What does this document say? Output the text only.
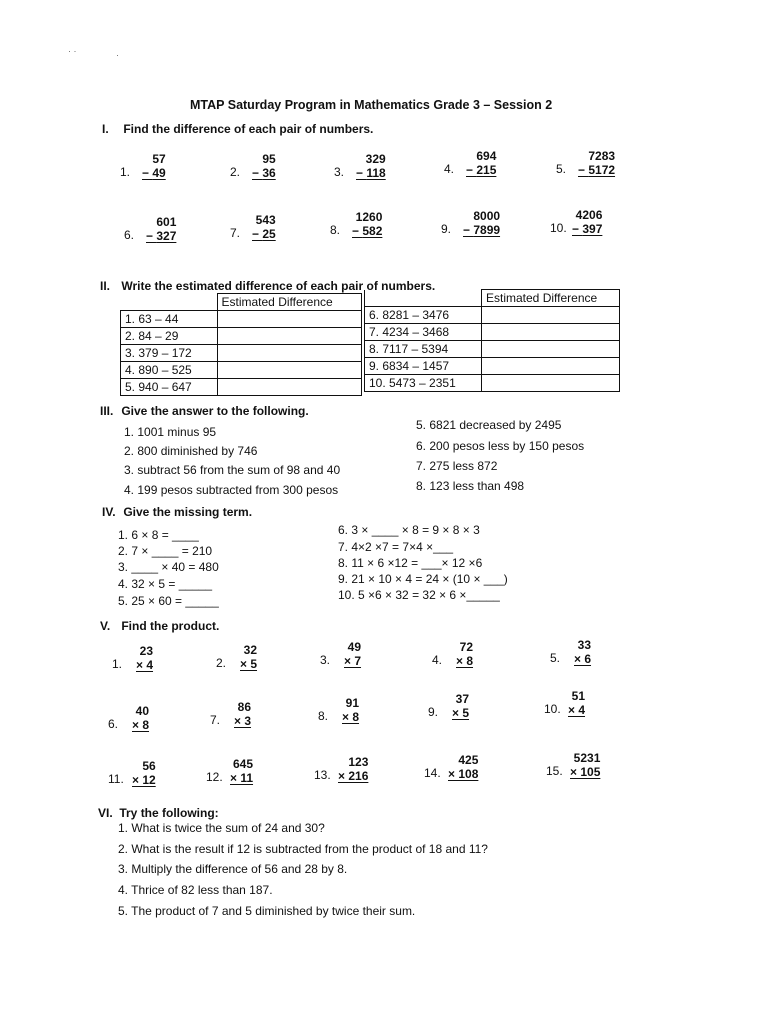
· ·	·
MTAP Saturday Program in Mathematics Grade 3 – Session 2
I. Find the difference of each pair of numbers.
1.
57
− 49	2.
95
− 36	3.
329
− 118	4.
694
− 215	5.
7283
− 5172
6.
601
− 327	7.
543
− 25	8.
1260
− 582	9.
8000
− 7899	10.
4206
− 397
II. Write the estimated difference of each pair of numbers.
	Estimated Difference
1. 63 – 44	
2. 84 – 29	
3. 379 – 172	
4. 890 – 525	
5. 940 – 647	
	Estimated Difference
6. 8281 – 3476	
7. 4234 – 3468	
8. 7117 – 5394	
9. 6834 – 1457	
10. 5473 – 2351	
III. Give the answer to the following.
1. 1001 minus 95
2. 800 diminished by 746
3. subtract 56 from the sum of 98 and 40
4. 199 pesos subtracted from 300 pesos
5. 6821 decreased by 2495
6. 200 pesos less by 150 pesos
7. 275 less 872
8. 123 less than 498
IV. Give the missing term.
1. 6 × 8 = ____
2. 7 × ____ = 210
3. ____ × 40 = 480
4. 32 × 5 = _____
5. 25 × 60 = _____
6. 3 × ____ × 8 = 9 × 8 × 3
7. 4×2 ×7 = 7×4 ×___
8. 11 × 6 ×12 = ___× 12 ×6
9. 21 × 10 × 4 = 24 × (10 × ___)
10. 5 ×6 × 32 = 32 × 6 ×_____
V. Find the product.
1.
23
× 4	2.
32
× 5	3.
49
× 7	4.
72
× 8	5.
33
× 6
6.
40
× 8	7.
86
× 3	8.
91
× 8	9.
37
× 5	10.
51
× 4
11.
56
× 12	12.
645
× 11	13.
123
× 216	14.
425
× 108	15.
5231
× 105
VI. Try the following:
1. What is twice the sum of 24 and 30?
2. What is the result if 12 is subtracted from the product of 18 and 11?
3. Multiply the difference of 56 and 28 by 8.
4. Thrice of 82 less than 187.
5. The product of 7 and 5 diminished by twice their sum.
